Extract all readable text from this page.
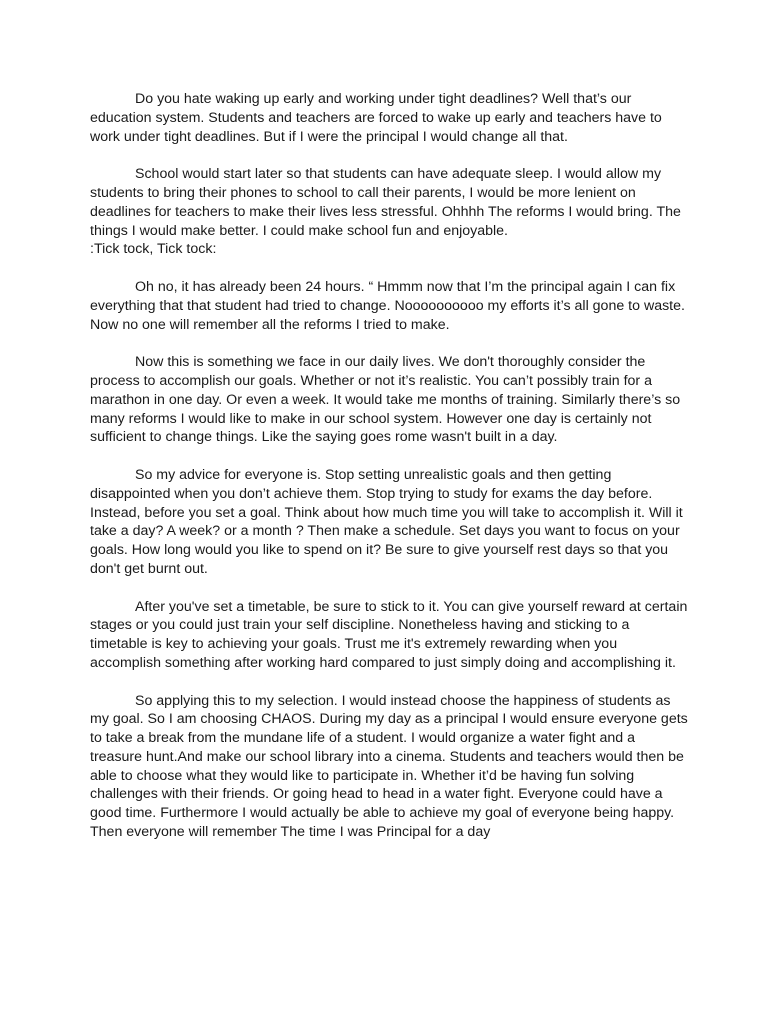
Do you hate waking up early and working under tight deadlines? Well that’s our education system. Students and teachers are forced to wake up early and teachers have to work under tight deadlines. But if I were the principal I would change all that.

School would start later so that students can have adequate sleep. I would allow my students to bring their phones to school to call their parents, I would be more lenient on deadlines for teachers to make their lives less stressful. Ohhhh The reforms I would bring. The things I would make better. I could make school fun and enjoyable.

:Tick tock, Tick tock:

Oh no, it has already been 24 hours. “ Hmmm now that I’m the principal again I can fix everything that that student had tried to change. Noooooooooo my efforts it’s all gone to waste. Now no one will remember all the reforms I tried to make.

Now this is something we face in our daily lives. We don't thoroughly consider the process to accomplish our goals. Whether or not it’s realistic. You can’t possibly train for a marathon in one day. Or even a week. It would take me months of training. Similarly there’s so many reforms I would like to make in our school system. However one day is certainly not sufficient to change things. Like the saying goes rome wasn't built in a day.

So my advice for everyone is. Stop setting unrealistic goals and then getting disappointed when you don’t achieve them. Stop trying to study for exams the day before. Instead, before you set a goal. Think about how much time you will take to accomplish it. Will it take a day? A week? or a month ? Then make a schedule. Set days you want to focus on your goals. How long would you like to spend on it? Be sure to give yourself rest days so that you don't get burnt out.

After you've set a timetable, be sure to stick to it. You can give yourself reward at certain stages or you could just train your self discipline. Nonetheless having and sticking to a timetable is key to achieving your goals. Trust me it's extremely rewarding when you accomplish something after working hard compared to just simply doing and accomplishing it.

So applying this to my selection. I would instead choose the happiness of students as my goal. So I am choosing CHAOS. During my day as a principal I would ensure everyone gets to take a break from the mundane life of a student. I would organize a water fight and a treasure hunt.And make our school library into a cinema. Students and teachers would then be able to choose what they would like to participate in. Whether it’d be having fun solving challenges with their friends. Or going head to head in a water fight. Everyone could have a good time. Furthermore I would actually be able to achieve my goal of everyone being happy. Then everyone will remember The time I was Principal for a day
